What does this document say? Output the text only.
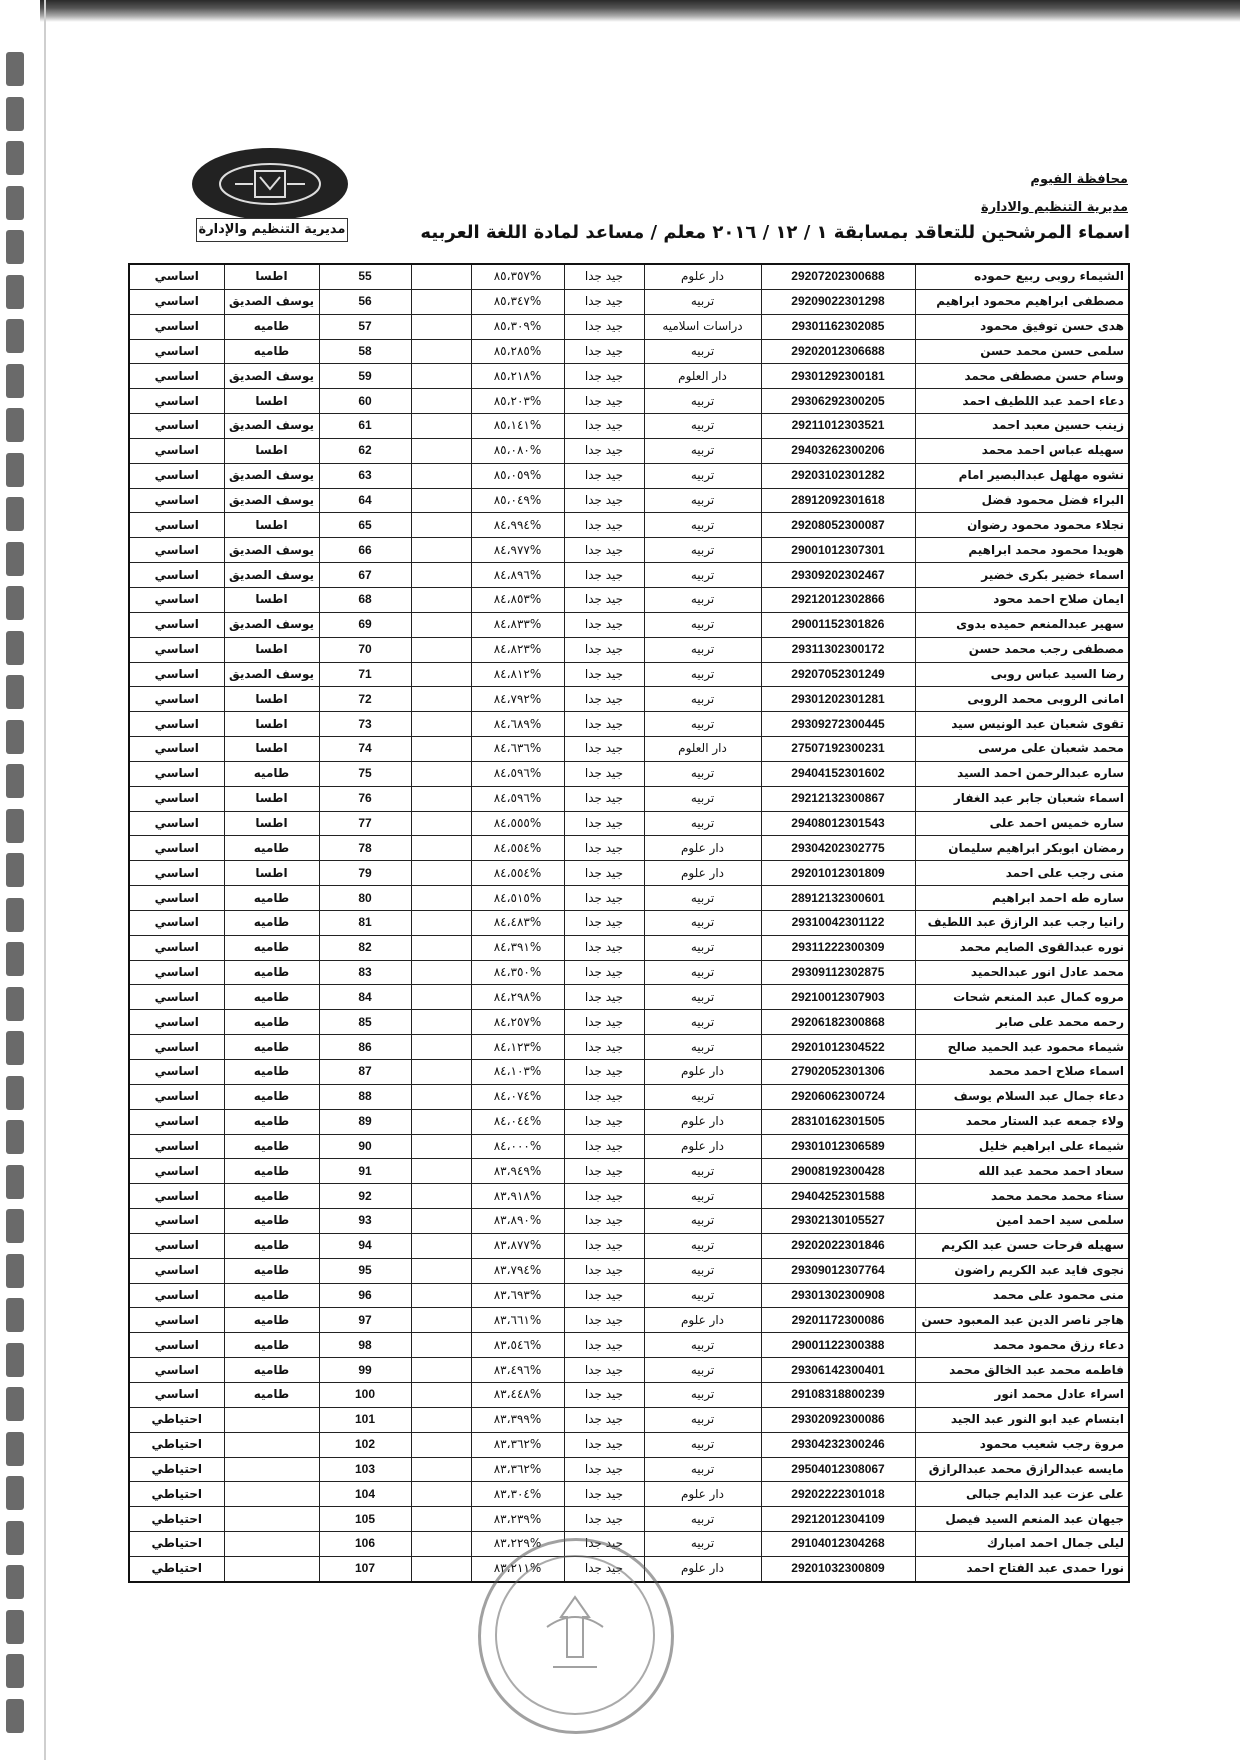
مديرية التنظيم والإدارة
محافظة الفيوم
مديرية التنظيم والادارة
اسماء المرشحين للتعاقد بمسابقة ١ / ١٢ / ٢٠١٦ معلم / مساعد لمادة اللغة العربيه
الشيماء روبى ربيع حموده	29207202300688	دار علوم	جيد جدا	%٨٥،٣٥٧		55	اطسا	اساسي
مصطفى ابراهيم محمود ابراهيم	29209022301298	تربيه	جيد جدا	%٨٥،٣٤٧		56	يوسف الصديق	اساسي
هدى حسن توفيق محمود	29301162302085	دراسات اسلاميه	جيد جدا	%٨٥،٣٠٩		57	طاميه	اساسي
سلمى حسن محمد حسن	29202012306688	تربيه	جيد جدا	%٨٥،٢٨٥		58	طاميه	اساسي
وسام حسن مصطفى محمد	29301292300181	دار العلوم	جيد جدا	%٨٥،٢١٨		59	يوسف الصديق	اساسي
دعاء احمد عبد اللطيف احمد	29306292300205	تربيه	جيد جدا	%٨٥،٢٠٣		60	اطسا	اساسي
زينب حسين معبد احمد	29211012303521	تربيه	جيد جدا	%٨٥،١٤١		61	يوسف الصديق	اساسي
سهيله عباس احمد محمد	29403262300206	تربيه	جيد جدا	%٨٥،٠٨٠		62	اطسا	اساسي
نشوه مهلهل عبدالبصير امام	29203102301282	تربيه	جيد جدا	%٨٥،٠٥٩		63	يوسف الصديق	اساسي
البراء فضل محمود فضل	28912092301618	تربيه	جيد جدا	%٨٥،٠٤٩		64	يوسف الصديق	اساسي
نجلاء محمود محمود رضوان	29208052300087	تربيه	جيد جدا	%٨٤،٩٩٤		65	اطسا	اساسي
هويدا محمود محمد ابراهيم	29001012307301	تربيه	جيد جدا	%٨٤،٩٧٧		66	يوسف الصديق	اساسي
اسماء خضير بكرى خضير	29309202302467	تربيه	جيد جدا	%٨٤،٨٩٦		67	يوسف الصديق	اساسي
ايمان صلاح احمد محود	29212012302866	تربيه	جيد جدا	%٨٤،٨٥٣		68	اطسا	اساسي
سهير عبدالمنعم حميده بدوى	29001152301826	تربيه	جيد جدا	%٨٤،٨٣٣		69	يوسف الصديق	اساسي
مصطفى رجب محمد حسن	29311302300172	تربيه	جيد جدا	%٨٤،٨٢٣		70	اطسا	اساسي
رضا السيد عباس روبى	29207052301249	تربيه	جيد جدا	%٨٤،٨١٢		71	يوسف الصديق	اساسي
امانى الروبى محمد الروبى	29301202301281	تربيه	جيد جدا	%٨٤،٧٩٢		72	اطسا	اساسي
تقوى شعبان عبد الونيس سيد	29309272300445	تربيه	جيد جدا	%٨٤،٦٨٩		73	اطسا	اساسي
محمد شعبان على مرسى	27507192300231	دار العلوم	جيد جدا	%٨٤،٦٣٦		74	اطسا	اساسي
ساره عبدالرحمن احمد السيد	29404152301602	تربيه	جيد جدا	%٨٤،٥٩٦		75	طاميه	اساسي
اسماء شعبان جابر عبد الغفار	29212132300867	تربيه	جيد جدا	%٨٤،٥٩٦		76	اطسا	اساسي
ساره خميس احمد على	29408012301543	تربيه	جيد جدا	%٨٤،٥٥٥		77	اطسا	اساسي
رمضان ابوبكر ابراهيم سليمان	29304202302775	دار علوم	جيد جدا	%٨٤،٥٥٤		78	طاميه	اساسي
منى رجب على احمد	29201012301809	دار علوم	جيد جدا	%٨٤،٥٥٤		79	اطسا	اساسي
ساره طه احمد ابراهيم	28912132300601	تربيه	جيد جدا	%٨٤،٥١٥		80	طاميه	اساسي
رانيا رجب عبد الرازق عبد اللطيف	29310042301122	تربيه	جيد جدا	%٨٤،٤٨٣		81	طاميه	اساسي
نوره عبدالقوى الصايم محمد	29311222300309	تربيه	جيد جدا	%٨٤،٣٩١		82	طاميه	اساسي
محمد عادل انور عبدالحميد	29309112302875	تربيه	جيد جدا	%٨٤،٣٥٠		83	طاميه	اساسي
مروه كمال عبد المنعم شحات	29210012307903	تربيه	جيد جدا	%٨٤،٢٩٨		84	طاميه	اساسي
رحمه محمد على صابر	29206182300868	تربيه	جيد جدا	%٨٤،٢٥٧		85	طاميه	اساسي
شيماء محمود عبد الحميد صالح	29201012304522	تربيه	جيد جدا	%٨٤،١٢٣		86	طاميه	اساسي
اسماء صلاح احمد محمد	27902052301306	دار علوم	جيد جدا	%٨٤،١٠٣		87	طاميه	اساسي
دعاء جمال عبد السلام يوسف	29206062300724	تربيه	جيد جدا	%٨٤،٠٧٤		88	طاميه	اساسي
ولاء جمعه عبد الستار محمد	28310162301505	دار علوم	جيد جدا	%٨٤،٠٤٤		89	طاميه	اساسي
شيماء على ابراهيم خليل	29301012306589	دار علوم	جيد جدا	%٨٤،٠٠٠		90	طاميه	اساسي
سعاد احمد محمد عبد الله	29008192300428	تربيه	جيد جدا	%٨٣،٩٤٩		91	طاميه	اساسي
سناء محمد محمد محمد	29404252301588	تربيه	جيد جدا	%٨٣،٩١٨		92	طاميه	اساسي
سلمى سيد احمد امين	29302130105527	تربيه	جيد جدا	%٨٣،٨٩٠		93	طاميه	اساسي
سهيله فرحات حسن عبد الكريم	29202022301846	تربيه	جيد جدا	%٨٣،٨٧٧		94	طاميه	اساسي
نجوى فايد عبد الكريم راضون	29309012307764	تربيه	جيد جدا	%٨٣،٧٩٤		95	طاميه	اساسي
منى محمود على محمد	29301302300908	تربيه	جيد جدا	%٨٣،٦٩٣		96	طاميه	اساسي
هاجر ناصر الدين عبد المعبود حسن	29201172300086	دار علوم	جيد جدا	%٨٣،٦٦١		97	طاميه	اساسي
دعاء رزق محمود محمد	29001122300388	تربيه	جيد جدا	%٨٣،٥٤٦		98	طاميه	اساسي
فاطمه محمد عبد الخالق محمد	29306142300401	تربيه	جيد جدا	%٨٣،٤٩٦		99	طاميه	اساسي
اسراء عادل محمد انور	29108318800239	تربيه	جيد جدا	%٨٣،٤٤٨		100	طاميه	اساسي
ابتسام عيد ابو النور عبد الجيد	29302092300086	تربيه	جيد جدا	%٨٣،٣٩٩		101		احتياطي
مروة رجب شعيب محمود	29304232300246	تربيه	جيد جدا	%٨٣،٣٦٢		102		احتياطي
مايسه عبدالرازق محمد عبدالرازق	29504012308067	تربيه	جيد جدا	%٨٣،٣٦٢		103		احتياطي
على عزت عبد الدايم جبالى	29202222301018	دار علوم	جيد جدا	%٨٣،٣٠٤		104		احتياطي
جيهان عبد المنعم السيد فيصل	29212012304109	تربيه	جيد جدا	%٨٣،٢٣٩		105		احتياطي
ليلى جمال احمد امبارك	29104012304268	تربيه	جيد جدا	%٨٣،٢٢٩		106		احتياطي
نورا حمدى عبد الفتاح احمد	29201032300809	دار علوم	جيد جدا	%٨٣،٢١١		107		احتياطي
